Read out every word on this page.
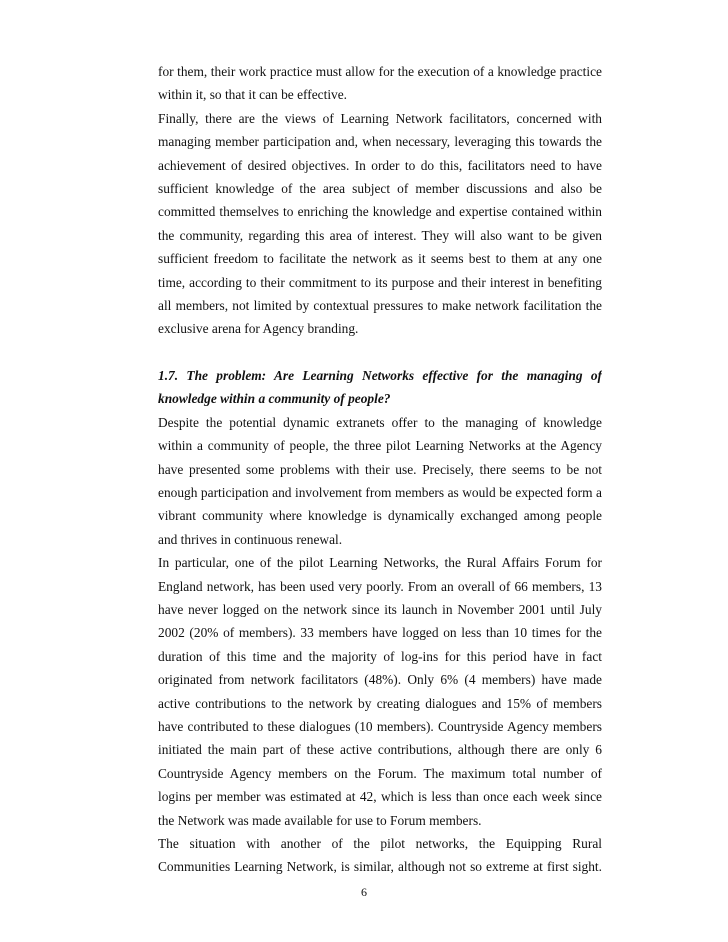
for them, their work practice must allow for the execution of a knowledge practice
within it, so that it can be effective.
Finally, there are the views of Learning Network facilitators, concerned with
managing member participation and, when necessary, leveraging this towards the
achievement of desired objectives. In order to do this, facilitators need to have
sufficient knowledge of the area subject of member discussions and also be
committed themselves to enriching the knowledge and expertise contained within
the community, regarding this area of interest. They will also want to be given
sufficient freedom to facilitate the network as it seems best to them at any one
time, according to their commitment to its purpose and their interest in benefiting
all members, not limited by contextual pressures to make network facilitation the
exclusive arena for Agency branding.
1.7. The problem: Are Learning Networks effective for the managing of
knowledge within a community of people?
Despite the potential dynamic extranets offer to the managing of knowledge
within a community of people, the three pilot Learning Networks at the Agency
have presented some problems with their use. Precisely, there seems to be not
enough participation and involvement from members as would be expected form a
vibrant community where knowledge is dynamically exchanged among people
and thrives in continuous renewal.
In particular, one of the pilot Learning Networks, the Rural Affairs Forum for
England network, has been used very poorly. From an overall of 66 members, 13
have never logged on the network since its launch in November 2001 until July
2002 (20% of members). 33 members have logged on less than 10 times for the
duration of this time and the majority of log-ins for this period have in fact
originated from network facilitators (48%). Only 6% (4 members) have made
active contributions to the network by creating dialogues and 15% of members
have contributed to these dialogues (10 members). Countryside Agency members
initiated the main part of these active contributions, although there are only 6
Countryside Agency members on the Forum. The maximum total number of
logins per member was estimated at 42, which is less than once each week since
the Network was made available for use to Forum members.
The situation with another of the pilot networks, the Equipping Rural
Communities Learning Network, is similar, although not so extreme at first sight.
6
